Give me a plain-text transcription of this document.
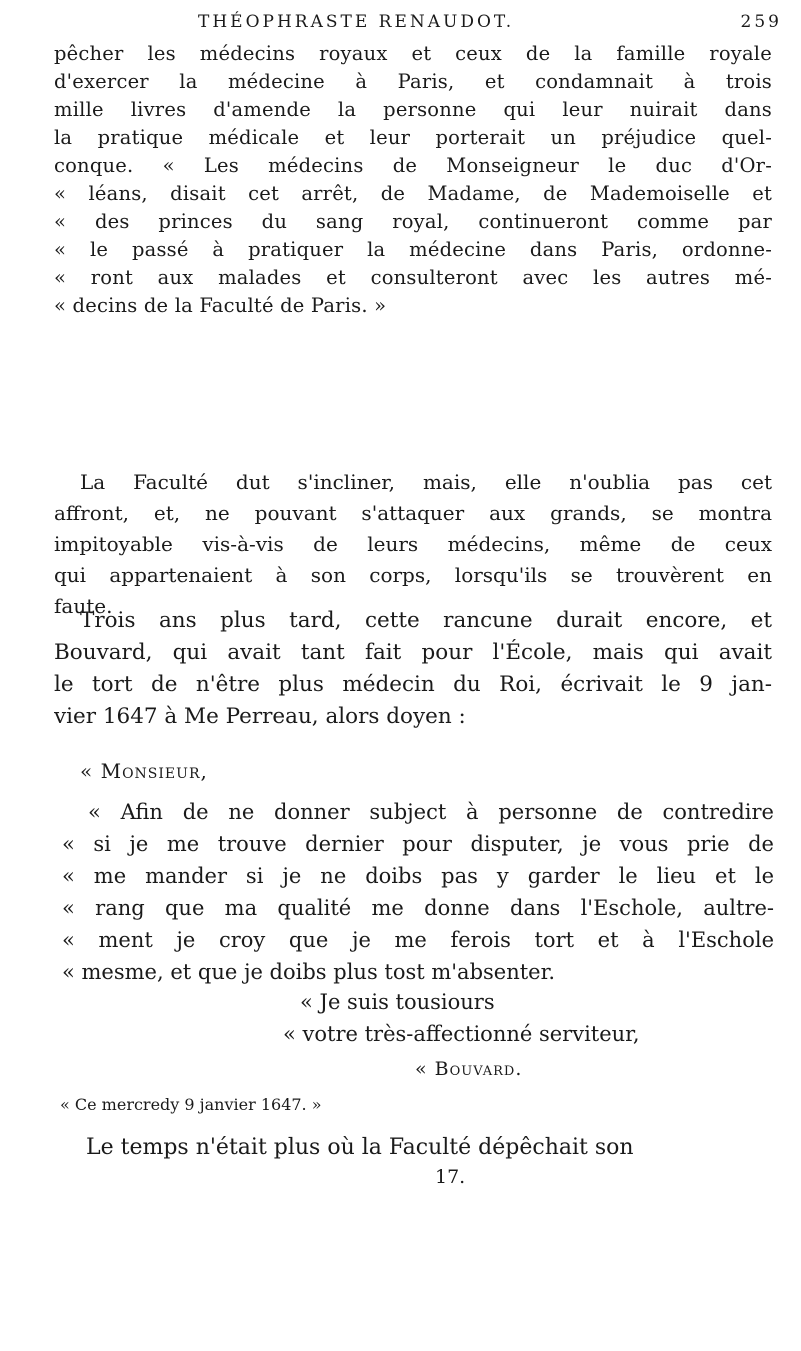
THÉOPHRASTE RENAUDOT.	259
pêcher les médecins royaux et ceux de la famille royale
d'exercer la médecine à Paris, et condamnait à trois
mille livres d'amende la personne qui leur nuirait dans
la pratique médicale et leur porterait un préjudice quel-
conque. « Les médecins de Monseigneur le duc d'Or-
« léans, disait cet arrêt, de Madame, de Mademoiselle et
« des princes du sang royal, continueront comme par
« le passé à pratiquer la médecine dans Paris, ordonne-
« ront aux malades et consulteront avec les autres mé-
« decins de la Faculté de Paris. »
La Faculté dut s'incliner, mais, elle n'oublia pas cet
affront, et, ne pouvant s'attaquer aux grands, se montra
impitoyable vis-à-vis de leurs médecins, même de ceux
qui appartenaient à son corps, lorsqu'ils se trouvèrent en
faute.
Trois ans plus tard, cette rancune durait encore, et
Bouvard, qui avait tant fait pour l'École, mais qui avait
le tort de n'être plus médecin du Roi, écrivait le 9 jan-
vier 1647 à Me Perreau, alors doyen :
« Monsieur,
« Afin de ne donner subject à personne de contredire
« si je me trouve dernier pour disputer, je vous prie de
« me mander si je ne doibs pas y garder le lieu et le
« rang que ma qualité me donne dans l'Eschole, aultre-
« ment je croy que je me ferois tort et à l'Eschole
« mesme, et que je doibs plus tost m'absenter.
« Je suis tousiours
« votre très-affectionné serviteur,
« Bouvard.
« Ce mercredy 9 janvier 1647. »
Le temps n'était plus où la Faculté dépêchait son
17.
